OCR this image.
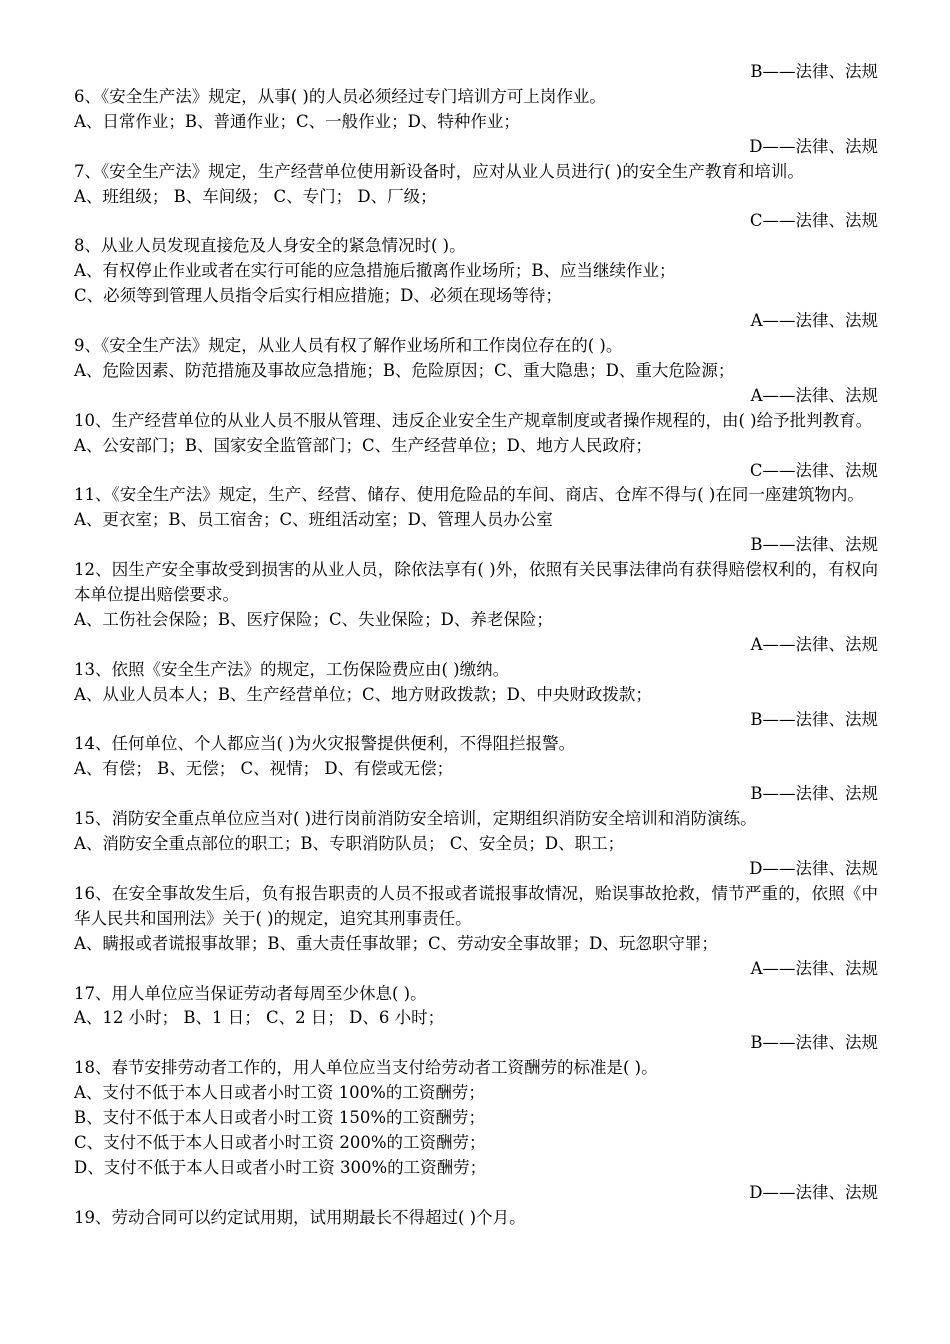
B——法律、法规
6、《安全生产法》规定，从事( )的人员必须经过专门培训方可上岗作业。
A、日常作业；B、普通作业；C、一般作业；D、特种作业；
D——法律、法规
7、《安全生产法》规定，生产经营单位使用新设备时，应对从业人员进行( )的安全生产教育和培训。
A、班组级； B、车间级； C、专门； D、厂级；
C——法律、法规
8、从业人员发现直接危及人身安全的紧急情况时( )。
A、有权停止作业或者在实行可能的应急措施后撤离作业场所；B、应当继续作业；
C、必须等到管理人员指令后实行相应措施；D、必须在现场等待；
A——法律、法规
9、《安全生产法》规定，从业人员有权了解作业场所和工作岗位存在的( )。
A、危险因素、防范措施及事故应急措施；B、危险原因；C、重大隐患；D、重大危险源；
A——法律、法规
10、生产经营单位的从业人员不服从管理、违反企业安全生产规章制度或者操作规程的，由( )给予批判教育。
A、公安部门；B、国家安全监管部门；C、生产经营单位；D、地方人民政府；
C——法律、法规
11、《安全生产法》规定，生产、经营、储存、使用危险品的车间、商店、仓库不得与( )在同一座建筑物内。
A、更衣室；B、员工宿舍；C、班组活动室；D、管理人员办公室
B——法律、法规
12、因生产安全事故受到损害的从业人员，除依法享有( )外，依照有关民事法律尚有获得赔偿权利的，有权向本单位提出赔偿要求。
A、工伤社会保险；B、医疗保险；C、失业保险；D、养老保险；
A——法律、法规
13、依照《安全生产法》的规定，工伤保险费应由( )缴纳。
A、从业人员本人；B、生产经营单位；C、地方财政拨款；D、中央财政拨款；
B——法律、法规
14、任何单位、个人都应当( )为火灾报警提供便利，不得阻拦报警。
A、有偿； B、无偿； C、视情； D、有偿或无偿；
B——法律、法规
15、消防安全重点单位应当对( )进行岗前消防安全培训，定期组织消防安全培训和消防演练。
A、消防安全重点部位的职工；B、专职消防队员； C、安全员；D、职工；
D——法律、法规
16、在安全事故发生后，负有报告职责的人员不报或者谎报事故情况，贻误事故抢救，情节严重的，依照《中华人民共和国刑法》关于( )的规定，追究其刑事责任。
A、瞒报或者谎报事故罪；B、重大责任事故罪；C、劳动安全事故罪；D、玩忽职守罪；
A——法律、法规
17、用人单位应当保证劳动者每周至少休息( )。
A、12 小时； B、1 日； C、2 日； D、6 小时；
B——法律、法规
18、春节安排劳动者工作的，用人单位应当支付给劳动者工资酬劳的标准是( )。
A、支付不低于本人日或者小时工资 100%的工资酬劳；
B、支付不低于本人日或者小时工资 150%的工资酬劳；
C、支付不低于本人日或者小时工资 200%的工资酬劳；
D、支付不低于本人日或者小时工资 300%的工资酬劳；
D——法律、法规
19、劳动合同可以约定试用期，试用期最长不得超过( )个月。
